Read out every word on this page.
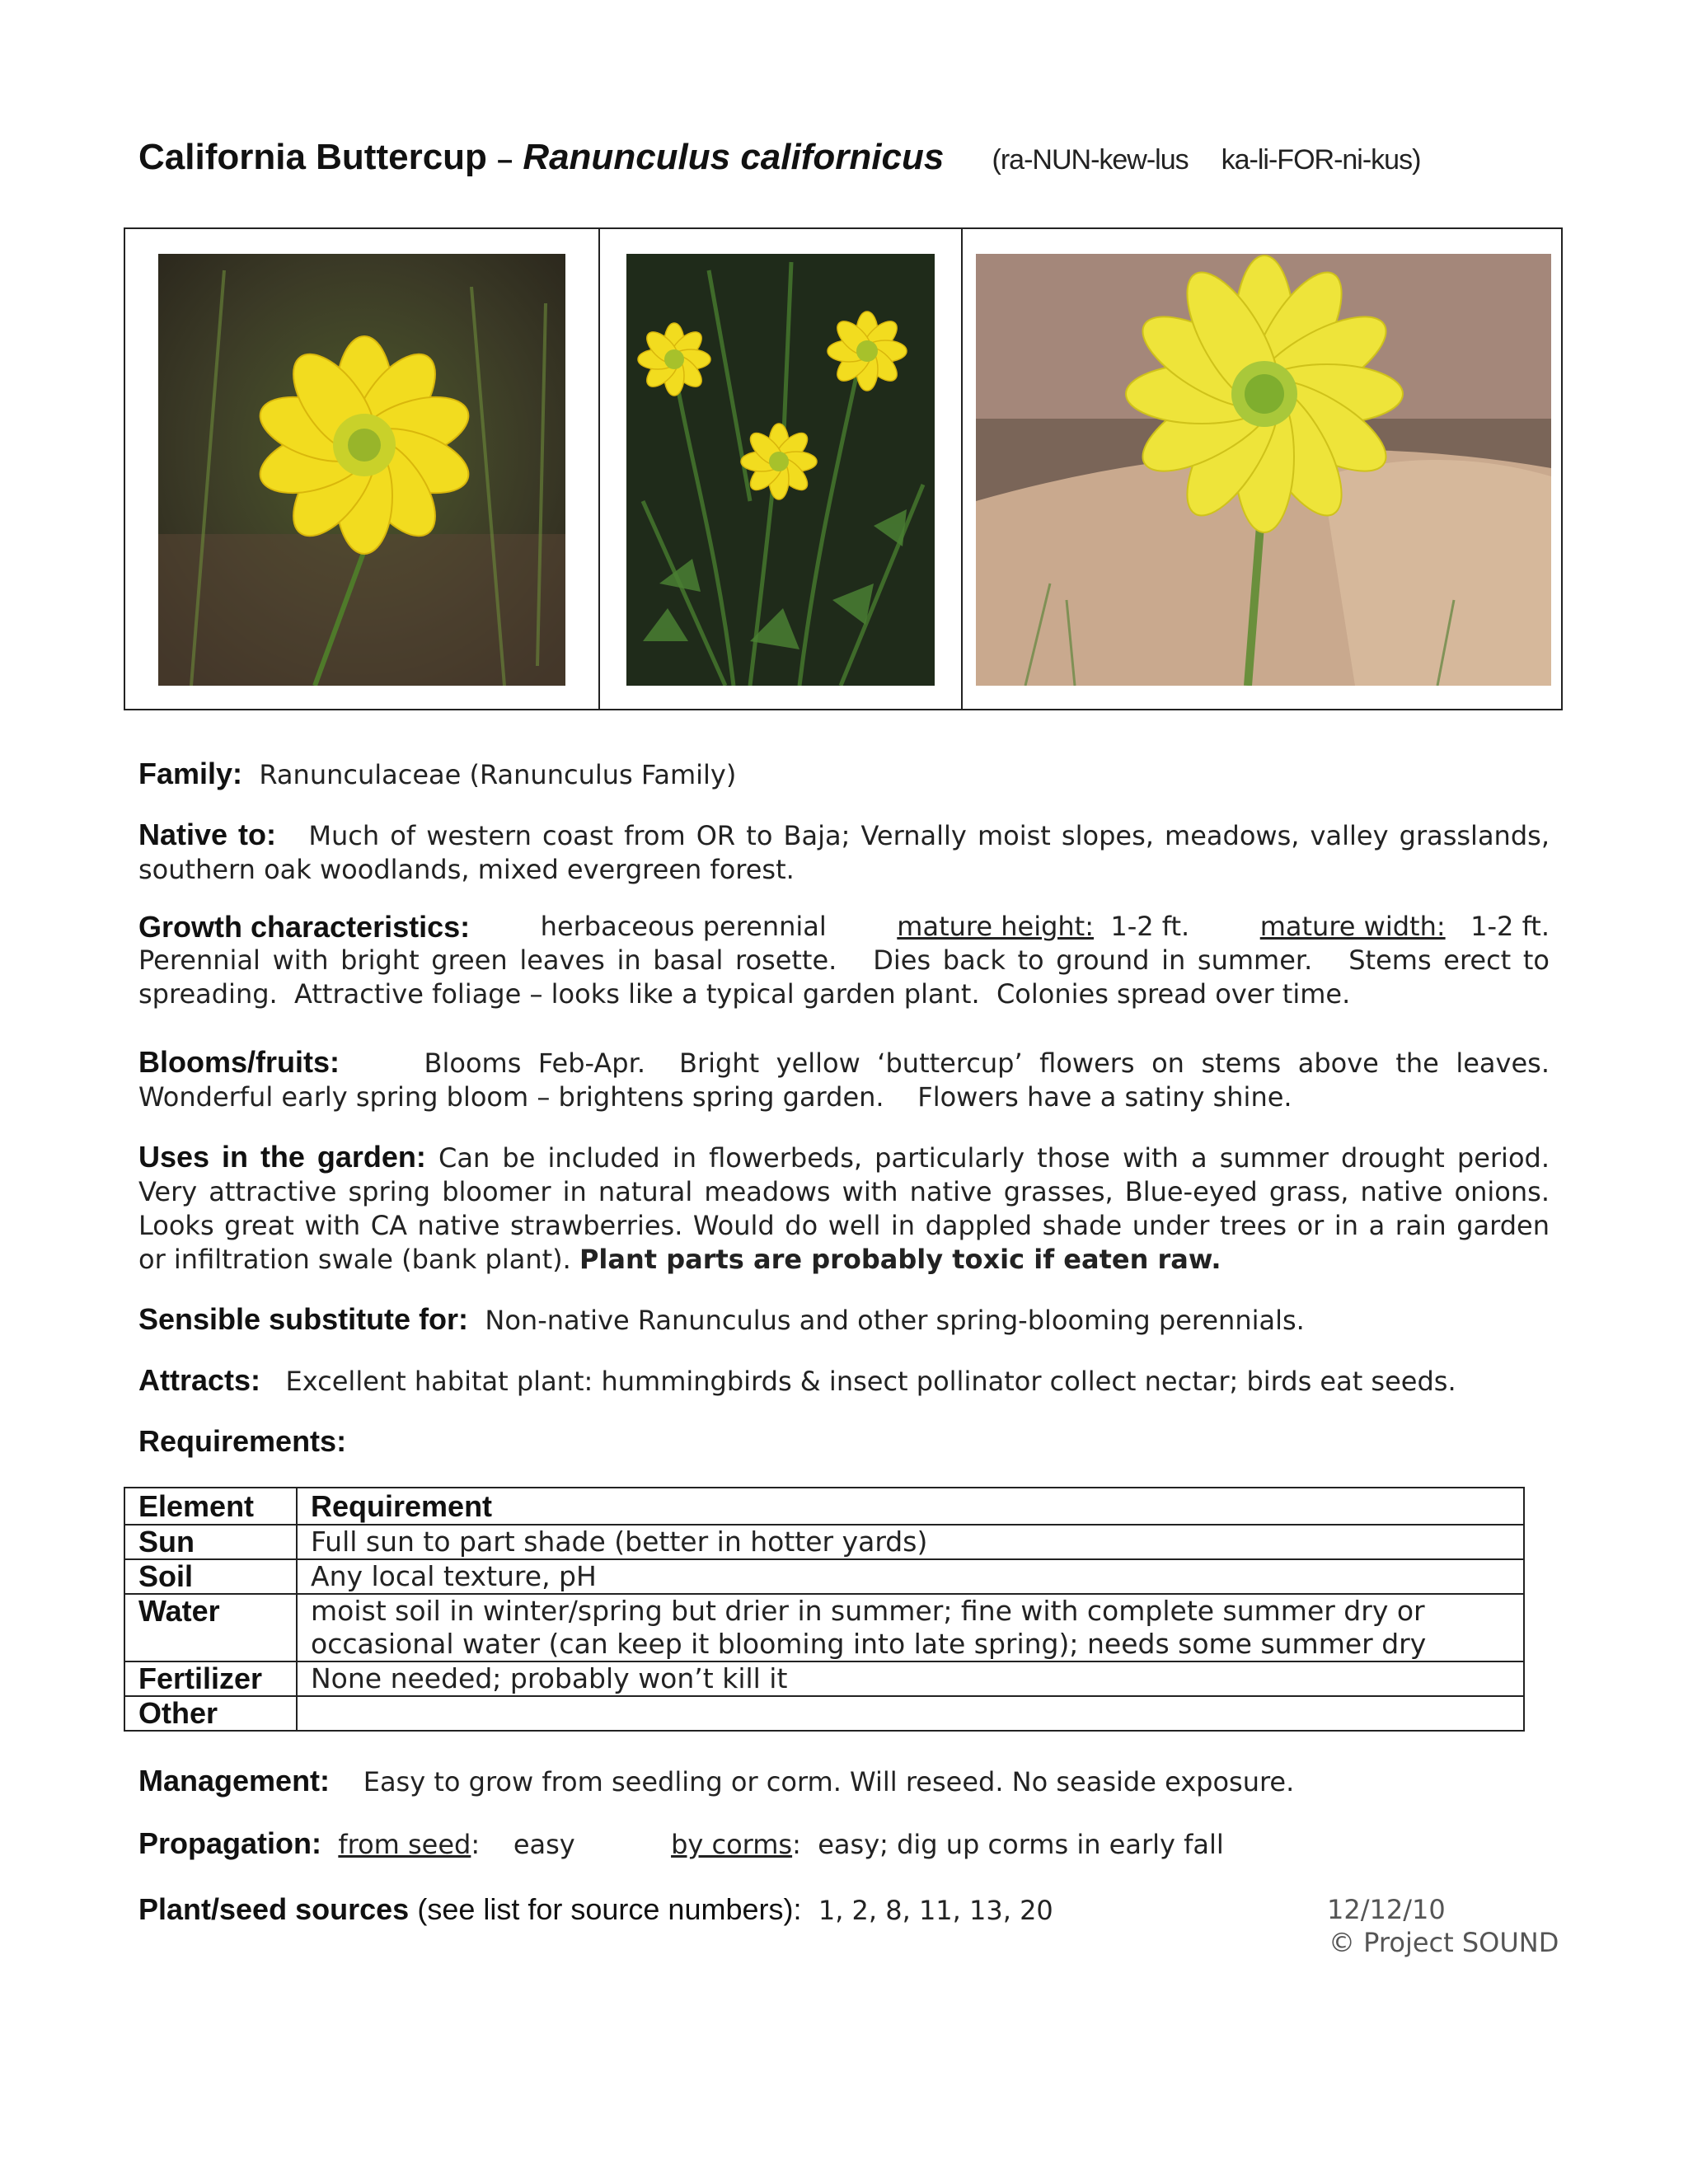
California Buttercup – Ranunculus californicus (ra-NUN-kew-lus ka-li-FOR-ni-kus)
Family: Ranunculaceae (Ranunculus Family)
Native to: Much of western coast from OR to Baja; Vernally moist slopes, meadows, valley grasslands, southern oak woodlands, mixed evergreen forest.
Growth characteristics:	herbaceous perennial	mature height: 1-2 ft.	mature width: 1-2 ft.
Perennial with bright green leaves in basal rosette.   Dies back to ground in summer.   Stems erect to spreading.  Attractive foliage – looks like a typical garden plant.  Colonies spread over time.
Blooms/fruits:	Blooms Feb-Apr.  Bright yellow ‘buttercup’ flowers on stems above the leaves.  Wonderful early spring bloom – brightens spring garden.    Flowers have a satiny shine.
Uses in the garden: Can be included in flowerbeds, particularly those with a summer drought period. Very attractive spring bloomer in natural meadows with native grasses, Blue-eyed grass, native onions. Looks great with CA native strawberries. Would do well in dappled shade under trees or in a rain garden or infiltration swale (bank plant). Plant parts are probably toxic if eaten raw.
Sensible substitute for: Non-native Ranunculus and other spring-blooming perennials.
Attracts: Excellent habitat plant: hummingbirds & insect pollinator collect nectar; birds eat seeds.
Requirements:
Element	Requirement
Sun	Full sun to part shade (better in hotter yards)
Soil	Any local texture, pH
Water	moist soil in winter/spring but drier in summer; fine with complete summer dry or occasional water (can keep it blooming into late spring); needs some summer dry
Fertilizer	None needed; probably won’t kill it
Other	
Management: Easy to grow from seedling or corm. Will reseed. No seaside exposure.
Propagation: from seed:    easy	by corms:  easy; dig up corms in early fall
Plant/seed sources (see list for source numbers): 1, 2, 8, 11, 13, 20	12/12/10
© Project SOUND
